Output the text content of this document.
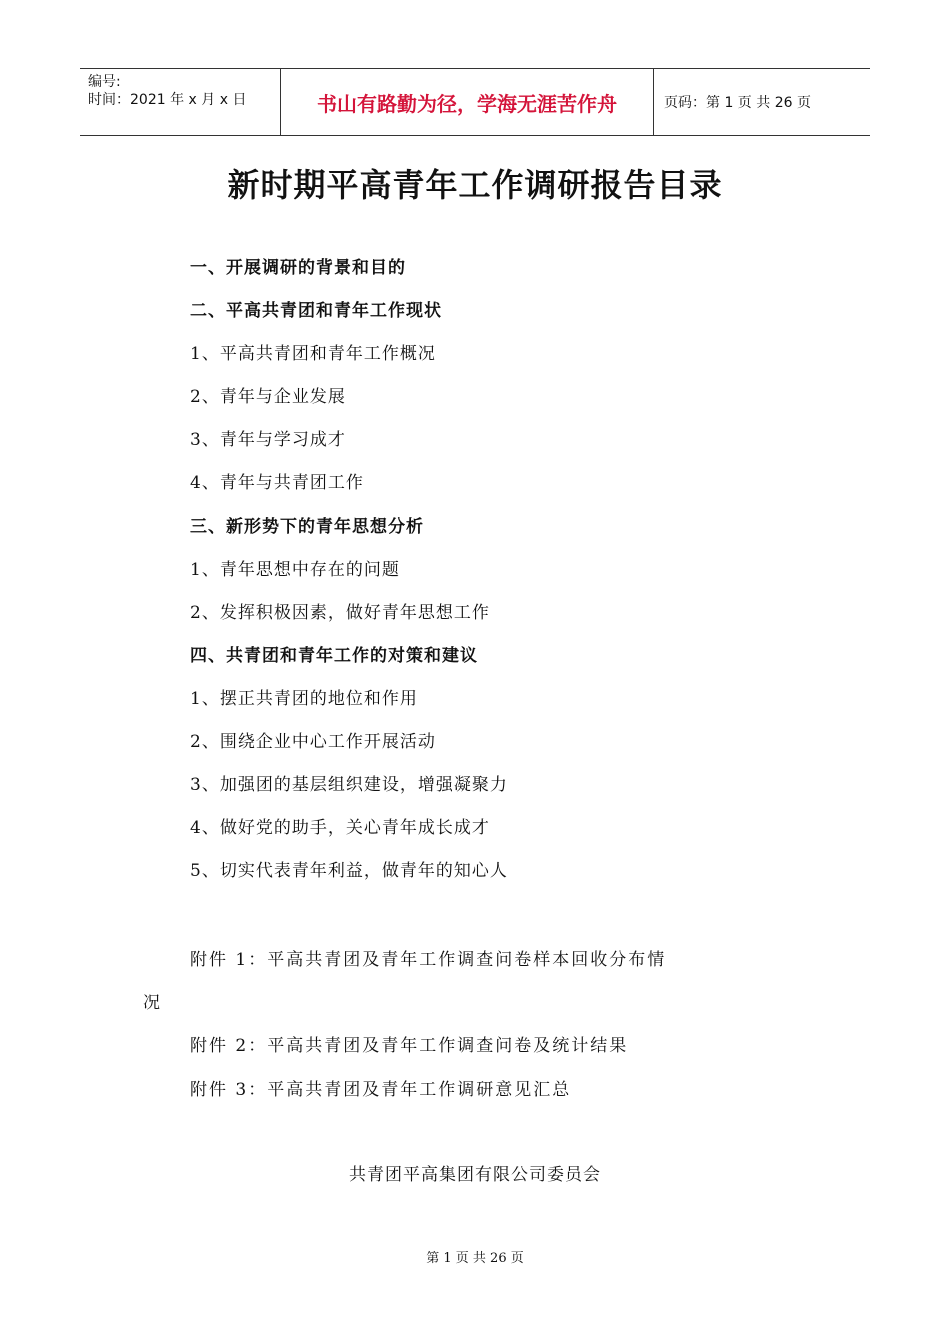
编号:
时间：2021 年 x 月 x 日	书山有路勤为径，学海无涯苦作舟	页码：第 1 页 共 26 页
新时期平高青年工作调研报告目录
一、开展调研的背景和目的
二、平高共青团和青年工作现状
1、平高共青团和青年工作概况
2、青年与企业发展
3、青年与学习成才
4、青年与共青团工作
三、新形势下的青年思想分析
1、青年思想中存在的问题
2、发挥积极因素，做好青年思想工作
四、共青团和青年工作的对策和建议
1、摆正共青团的地位和作用
2、围绕企业中心工作开展活动
3、加强团的基层组织建设，增强凝聚力
4、做好党的助手，关心青年成长成才
5、切实代表青年利益，做青年的知心人
附件 1：平高共青团及青年工作调查问卷样本回收分布情
况
附件 2：平高共青团及青年工作调查问卷及统计结果
附件 3：平高共青团及青年工作调研意见汇总
共青团平高集团有限公司委员会
第 1 页 共 26 页
